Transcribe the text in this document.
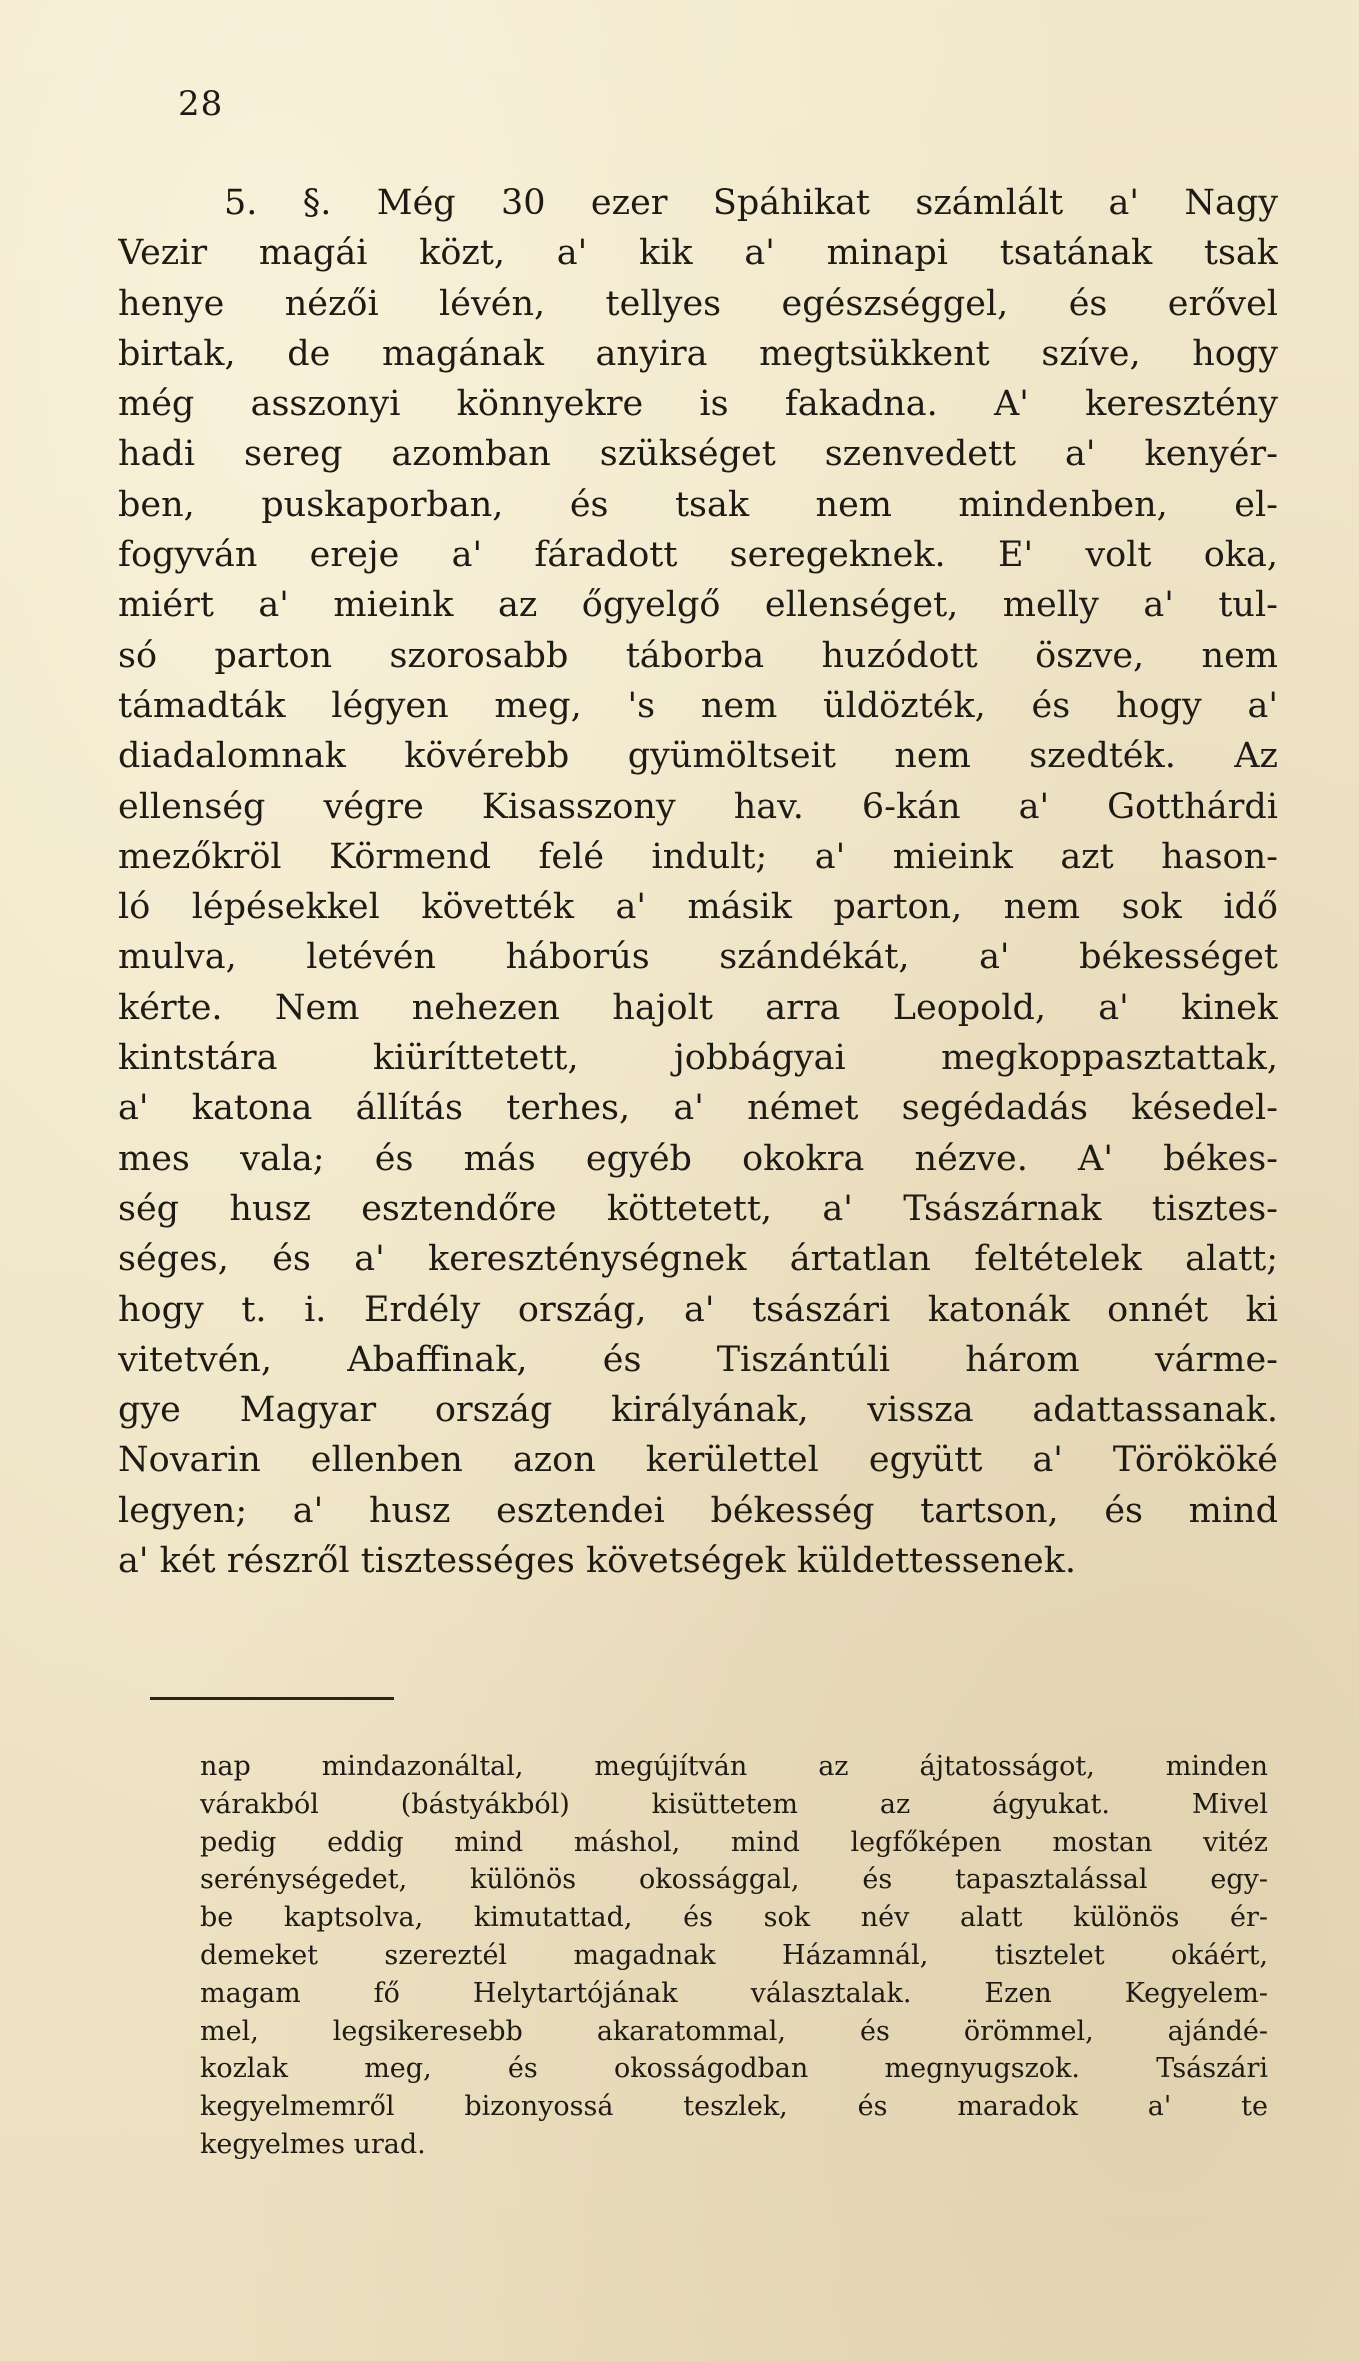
28
5. §. Még 30 ezer Spáhikat számlált a' Nagy
Vezir magái közt, a' kik a' minapi tsatának tsak
henye nézői lévén, tellyes egészséggel, és erővel
birtak, de magának anyira megtsükkent szíve, hogy
még asszonyi könnyekre is fakadna. A' keresztény
hadi sereg azomban szükséget szenvedett a' kenyér-
ben, puskaporban, és tsak nem mindenben, el-
fogyván ereje a' fáradott seregeknek. E' volt oka,
miért a' mieink az őgyelgő ellenséget, melly a' tul-
só parton szorosabb táborba huzódott öszve, nem
támadták légyen meg, 's nem üldözték, és hogy a'
diadalomnak kövérebb gyümöltseit nem szedték. Az
ellenség végre Kisasszony hav. 6-kán a' Gotthárdi
mezőkröl Körmend felé indult; a' mieink azt hason-
ló lépésekkel követték a' másik parton, nem sok idő
mulva, letévén háborús szándékát, a' békességet
kérte. Nem nehezen hajolt arra Leopold, a' kinek
kintstára kiüríttetett, jobbágyai megkoppasztattak,
a' katona állítás terhes, a' német segédadás késedel-
mes vala; és más egyéb okokra nézve. A' békes-
ség husz esztendőre köttetett, a' Tsászárnak tisztes-
séges, és a' kereszténységnek ártatlan feltételek alatt;
hogy t. i. Erdély ország, a' tsászári katonák onnét ki
vitetvén, Abaffinak, és Tiszántúli három várme-
gye Magyar ország királyának, vissza adattassanak.
Novarin ellenben azon kerülettel együtt a' Törököké
legyen; a' husz esztendei békesség tartson, és mind
a' két részről tisztességes követségek küldettessenek.
nap mindazonáltal, megújítván az ájtatosságot, minden
várakból (bástyákból) kisüttetem az ágyukat. Mivel
pedig eddig mind máshol, mind legfőképen mostan vitéz
serénységedet, különös okossággal, és tapasztalással egy-
be kaptsolva, kimutattad, és sok név alatt különös ér-
demeket szereztél magadnak Házamnál, tisztelet okáért,
magam fő Helytartójának választalak. Ezen Kegyelem-
mel, legsikeresebb akaratommal, és örömmel, ajándé-
kozlak meg, és okosságodban megnyugszok. Tsászári
kegyelmemről bizonyossá teszlek, és maradok a' te
kegyelmes urad.
